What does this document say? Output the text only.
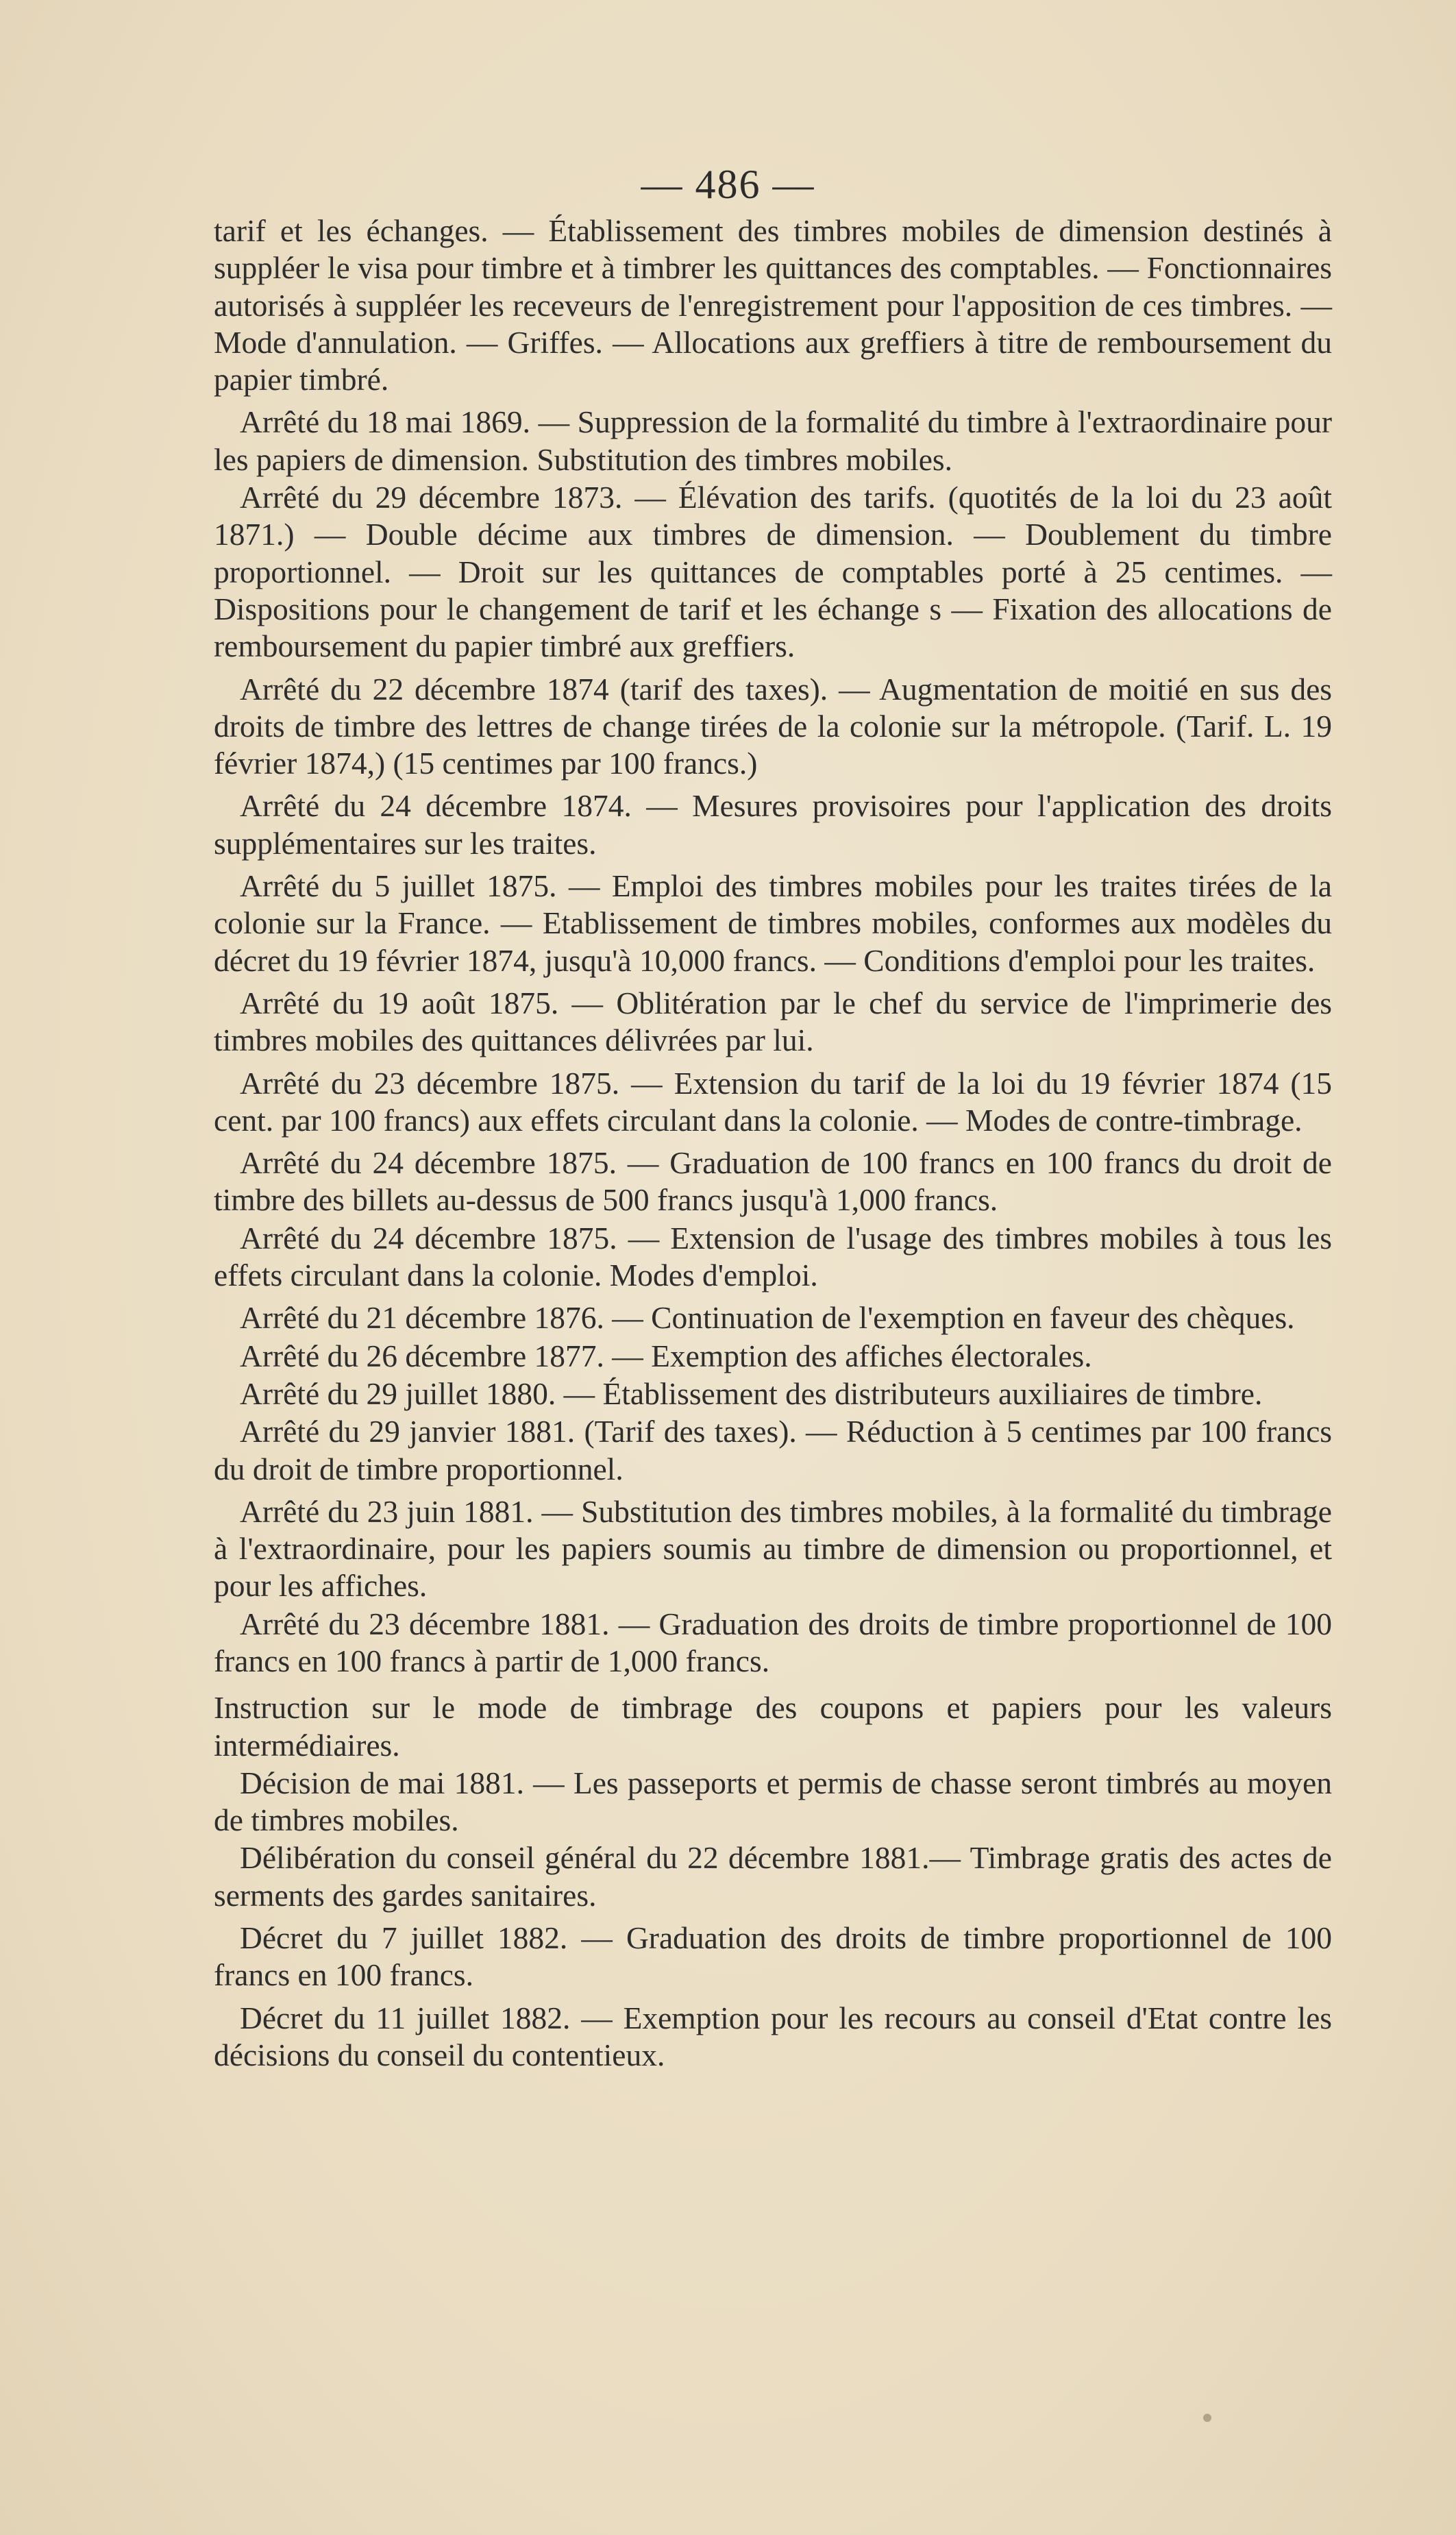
— 486 —

tarif et les échanges. — Établissement des timbres mobiles de dimension destinés à suppléer le visa pour timbre et à timbrer les quittances des comptables. — Fonctionnaires autorisés à suppléer les receveurs de l'enregistrement pour l'apposition de ces timbres. — Mode d'annulation. — Griffes. — Allocations aux greffiers à titre de remboursement du papier timbré.

Arrêté du 18 mai 1869. — Suppression de la formalité du timbre à l'extraordinaire pour les papiers de dimension. Substitution des timbres mobiles.

Arrêté du 29 décembre 1873. — Élévation des tarifs. (quotités de la loi du 23 août 1871.) — Double décime aux timbres de dimension. — Doublement du timbre proportionnel. — Droit sur les quittances de comptables porté à 25 centimes. — Dispositions pour le changement de tarif et les échange s — Fixation des allocations de remboursement du papier timbré aux greffiers.

Arrêté du 22 décembre 1874 (tarif des taxes). — Augmentation de moitié en sus des droits de timbre des lettres de change tirées de la colonie sur la métropole. (Tarif. L. 19 février 1874,) (15 centimes par 100 francs.)

Arrêté du 24 décembre 1874. — Mesures provisoires pour l'application des droits supplémentaires sur les traites.

Arrêté du 5 juillet 1875. — Emploi des timbres mobiles pour les traites tirées de la colonie sur la France. — Etablissement de timbres mobiles, conformes aux modèles du décret du 19 février 1874, jusqu'à 10,000 francs. — Conditions d'emploi pour les traites.

Arrêté du 19 août 1875. — Oblitération par le chef du service de l'imprimerie des timbres mobiles des quittances délivrées par lui.

Arrêté du 23 décembre 1875. — Extension du tarif de la loi du 19 février 1874 (15 cent. par 100 francs) aux effets circulant dans la colonie. — Modes de contre-timbrage.

Arrêté du 24 décembre 1875. — Graduation de 100 francs en 100 francs du droit de timbre des billets au-dessus de 500 francs jusqu'à 1,000 francs.

Arrêté du 24 décembre 1875. — Extension de l'usage des timbres mobiles à tous les effets circulant dans la colonie. Modes d'emploi.

Arrêté du 21 décembre 1876. — Continuation de l'exemption en faveur des chèques.

Arrêté du 26 décembre 1877. — Exemption des affiches électorales.

Arrêté du 29 juillet 1880. — Établissement des distributeurs auxiliaires de timbre.

Arrêté du 29 janvier 1881. (Tarif des taxes). — Réduction à 5 centimes par 100 francs du droit de timbre proportionnel.

Arrêté du 23 juin 1881. — Substitution des timbres mobiles, à la formalité du timbrage à l'extraordinaire, pour les papiers soumis au timbre de dimension ou proportionnel, et pour les affiches.

Arrêté du 23 décembre 1881. — Graduation des droits de timbre proportionnel de 100 francs en 100 francs à partir de 1,000 francs.

Instruction sur le mode de timbrage des coupons et papiers pour les valeurs intermédiaires.

Décision de mai 1881. — Les passeports et permis de chasse seront timbrés au moyen de timbres mobiles.

Délibération du conseil général du 22 décembre 1881.— Timbrage gratis des actes de serments des gardes sanitaires.

Décret du 7 juillet 1882. — Graduation des droits de timbre proportionnel de 100 francs en 100 francs.

Décret du 11 juillet 1882. — Exemption pour les recours au conseil d'Etat contre les décisions du conseil du contentieux.
